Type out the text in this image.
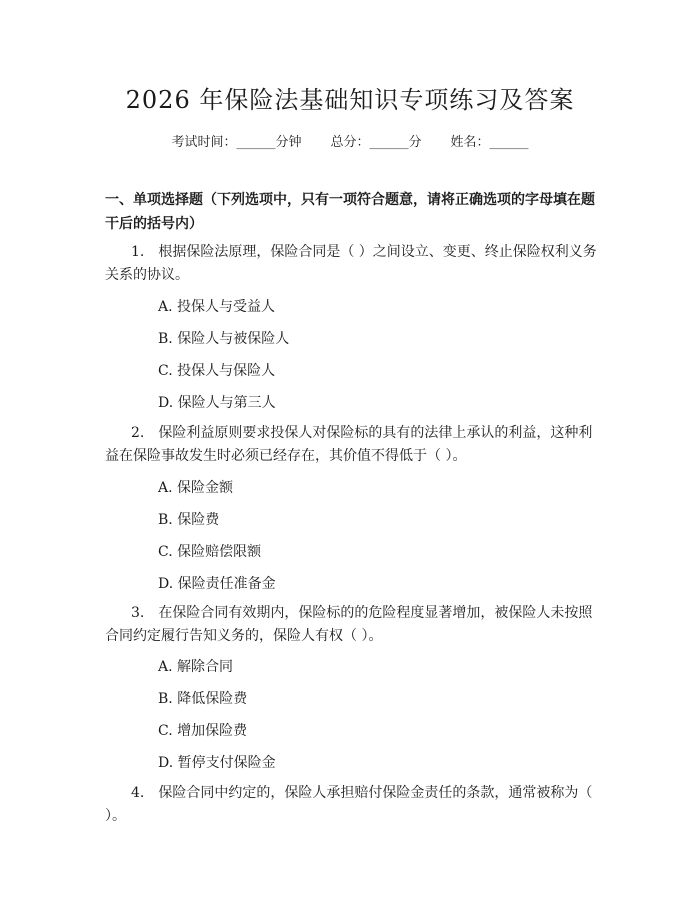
2026 年保险法基础知识专项练习及答案
考试时间：______分钟 总分：______分 姓名：______
一、单项选择题（下列选项中，只有一项符合题意，请将正确选项的字母填在题干后的括号内）
1.　根据保险法原理，保险合同是（ ）之间设立、变更、终止保险权利义务关系的协议。
A. 投保人与受益人
B. 保险人与被保险人
C. 投保人与保险人
D. 保险人与第三人
2.　保险利益原则要求投保人对保险标的具有的法律上承认的利益，这种利益在保险事故发生时必须已经存在，其价值不得低于（ ）。
A. 保险金额
B. 保险费
C. 保险赔偿限额
D. 保险责任准备金
3.　在保险合同有效期内，保险标的的危险程度显著增加，被保险人未按照合同约定履行告知义务的，保险人有权（ ）。
A. 解除合同
B. 降低保险费
C. 增加保险费
D. 暂停支付保险金
4.　保险合同中约定的，保险人承担赔付保险金责任的条款，通常被称为（ ）。
